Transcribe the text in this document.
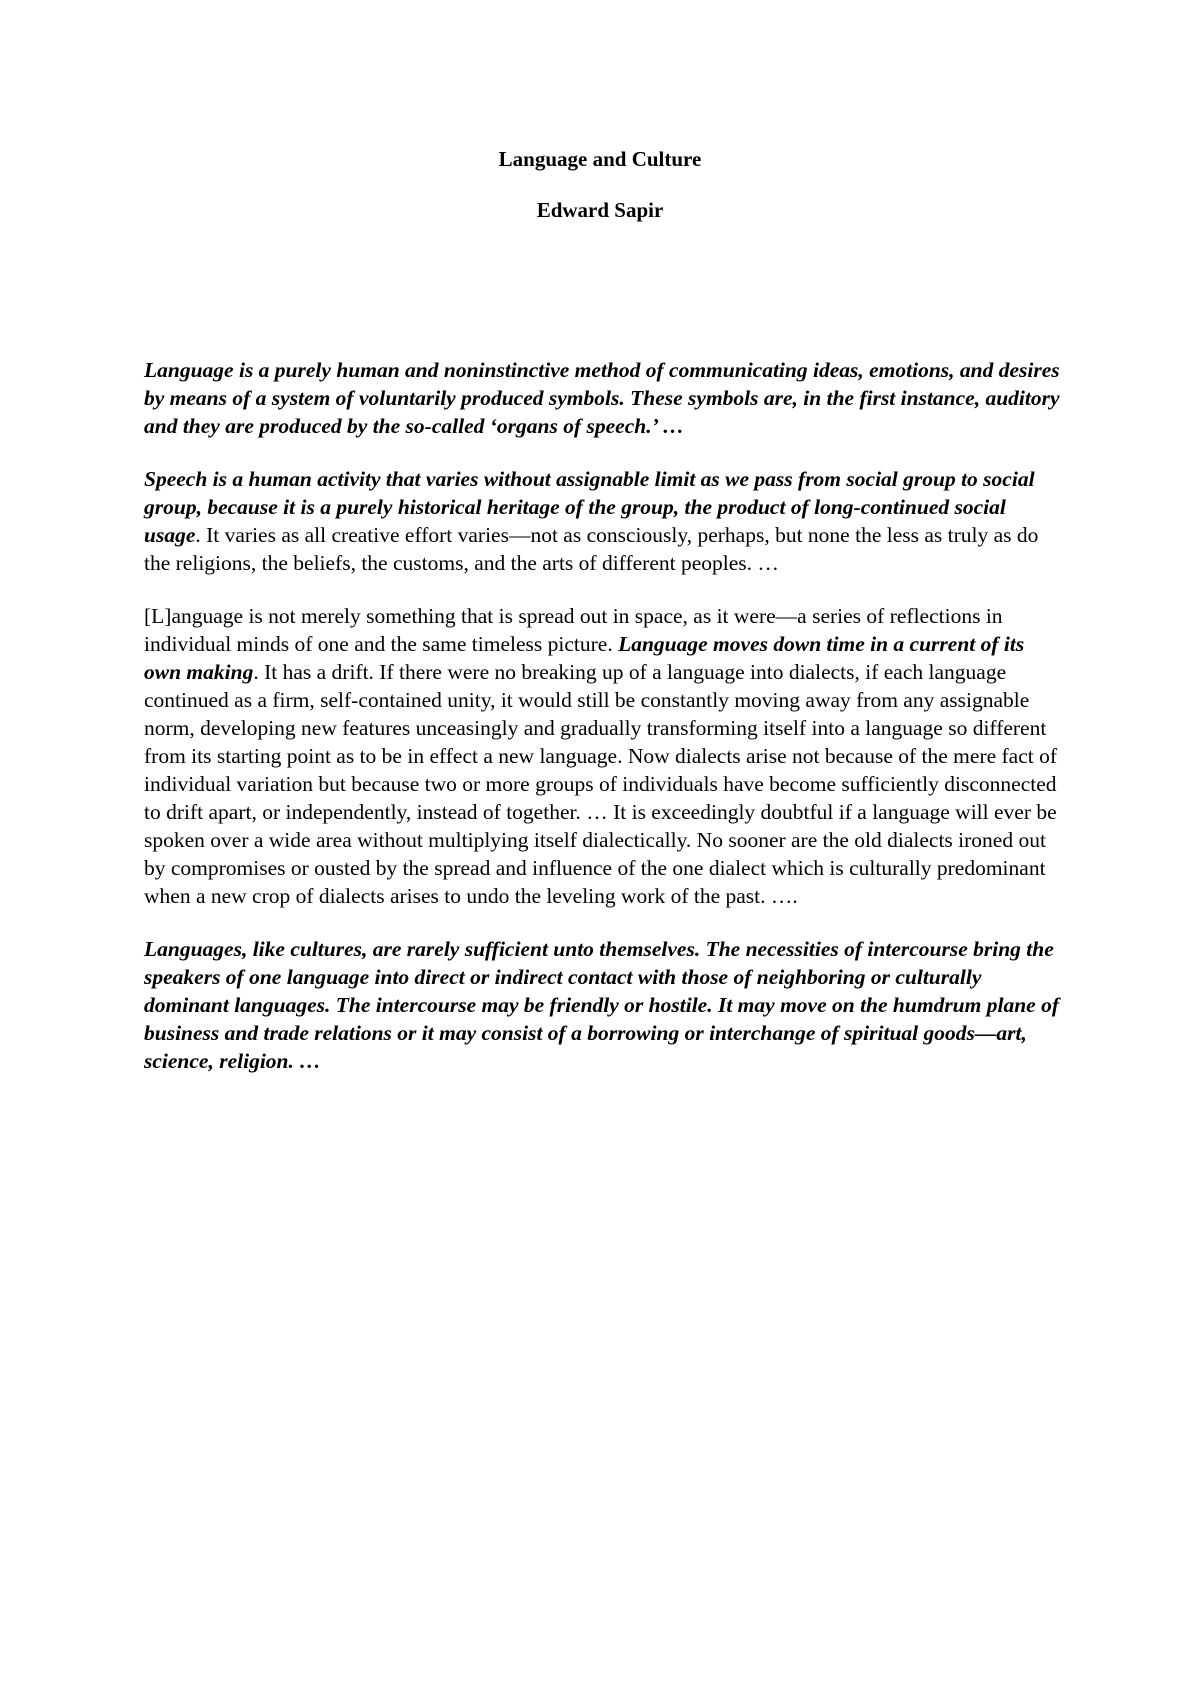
Language and Culture
Edward Sapir

Language is a purely human and noninstinctive method of communicating ideas, emotions, and desires by means of a system of voluntarily produced symbols. These symbols are, in the first instance, auditory and they are produced by the so-called ‘organs of speech.’ …

Speech is a human activity that varies without assignable limit as we pass from social group to social group, because it is a purely historical heritage of the group, the product of long-continued social usage. It varies as all creative effort varies—not as consciously, perhaps, but none the less as truly as do the religions, the beliefs, the customs, and the arts of different peoples. …

[L]anguage is not merely something that is spread out in space, as it were—a series of reflections in individual minds of one and the same timeless picture. Language moves down time in a current of its own making. It has a drift. If there were no breaking up of a language into dialects, if each language continued as a firm, self-contained unity, it would still be constantly moving away from any assignable norm, developing new features unceasingly and gradually transforming itself into a language so different from its starting point as to be in effect a new language. Now dialects arise not because of the mere fact of individual variation but because two or more groups of individuals have become sufficiently disconnected to drift apart, or independently, instead of together. … It is exceedingly doubtful if a language will ever be spoken over a wide area without multiplying itself dialectically. No sooner are the old dialects ironed out by compromises or ousted by the spread and influence of the one dialect which is culturally predominant when a new crop of dialects arises to undo the leveling work of the past. ….

Languages, like cultures, are rarely sufficient unto themselves. The necessities of intercourse bring the speakers of one language into direct or indirect contact with those of neighboring or culturally dominant languages. The intercourse may be friendly or hostile. It may move on the humdrum plane of business and trade relations or it may consist of a borrowing or interchange of spiritual goods—art, science, religion. …
